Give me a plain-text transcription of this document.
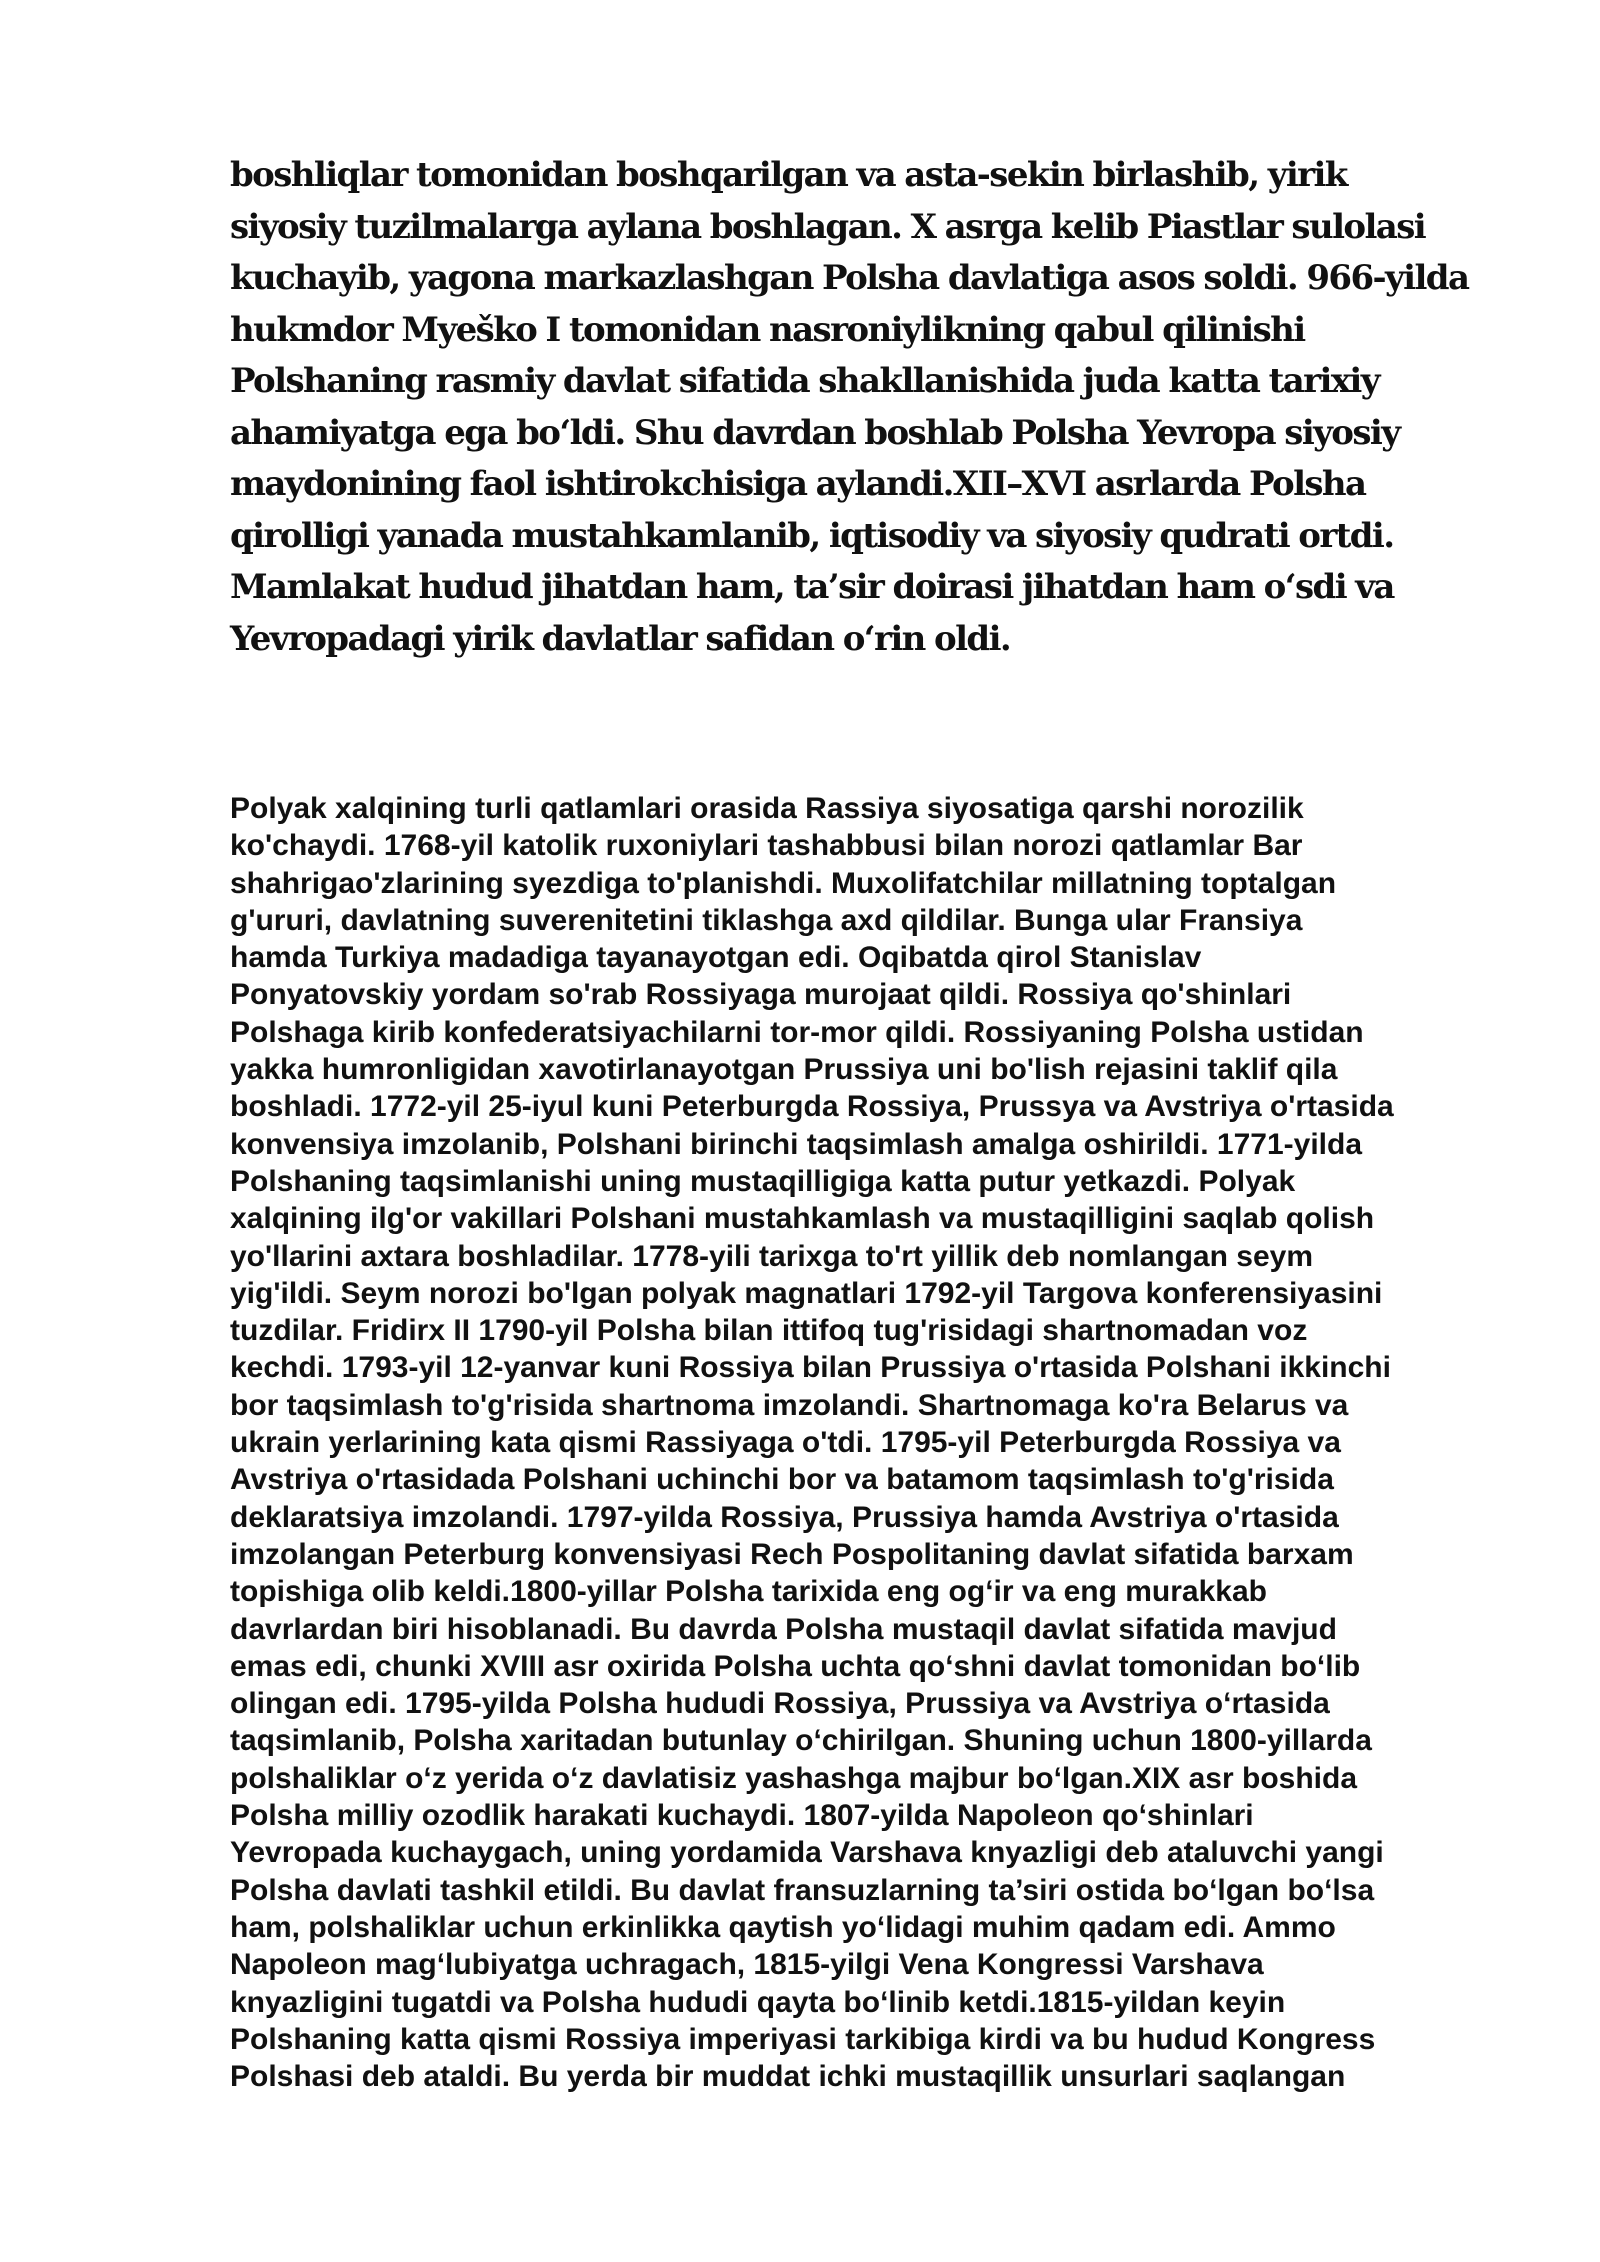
boshliqlar tomonidan boshqarilgan va asta-sekin birlashib, yirik
siyosiy tuzilmalarga aylana boshlagan. X asrga kelib Piastlar sulolasi
kuchayib, yagona markazlashgan Polsha davlatiga asos soldi. 966-yilda
hukmdor Myeško I tomonidan nasroniylikning qabul qilinishi
Polshaning rasmiy davlat sifatida shakllanishida juda katta tarixiy
ahamiyatga ega bo‘ldi. Shu davrdan boshlab Polsha Yevropa siyosiy
maydonining faol ishtirokchisiga aylandi.XII–XVI asrlarda Polsha
qirolligi yanada mustahkamlanib, iqtisodiy va siyosiy qudrati ortdi.
Mamlakat hudud jihatdan ham, ta’sir doirasi jihatdan ham o‘sdi va
Yevropadagi yirik davlatlar safidan o‘rin oldi.

Polyak xalqining turli qatlamlari orasida Rassiya siyosatiga qarshi norozilik
ko'chaydi. 1768-yil katolik ruxoniylari tashabbusi bilan norozi qatlamlar Bar
shahrigao'zlarining syezdiga to'planishdi. Muxolifatchilar millatning toptalgan
g'ururi, davlatning suverenitetini tiklashga axd qildilar. Bunga ular Fransiya
hamda Turkiya madadiga tayanayotgan edi. Oqibatda qirol Stanislav
Ponyatovskiy yordam so'rab Rossiyaga murojaat qildi. Rossiya qo'shinlari
Polshaga kirib konfederatsiyachilarni tor-mor qildi. Rossiyaning Polsha ustidan
yakka humronligidan xavotirlanayotgan Prussiya uni bo'lish rejasini taklif qila
boshladi. 1772-yil 25-iyul kuni Peterburgda Rossiya, Prussya va Avstriya o'rtasida
konvensiya imzolanib, Polshani birinchi taqsimlash amalga oshirildi. 1771-yilda
Polshaning taqsimlanishi uning mustaqilligiga katta putur yetkazdi. Polyak
xalqining ilg'or vakillari Polshani mustahkamlash va mustaqilligini saqlab qolish
yo'llarini axtara boshladilar. 1778-yili tarixga to'rt yillik deb nomlangan seym
yig'ildi. Seym norozi bo'lgan polyak magnatlari 1792-yil Targova konferensiyasini
tuzdilar. Fridirx II 1790-yil Polsha bilan ittifoq tug'risidagi shartnomadan voz
kechdi. 1793-yil 12-yanvar kuni Rossiya bilan Prussiya o'rtasida Polshani ikkinchi
bor taqsimlash to'g'risida shartnoma imzolandi. Shartnomaga ko'ra Belarus va
ukrain yerlarining kata qismi Rassiyaga o'tdi. 1795-yil Peterburgda Rossiya va
Avstriya o'rtasidada Polshani uchinchi bor va batamom taqsimlash to'g'risida
deklaratsiya imzolandi. 1797-yilda Rossiya, Prussiya hamda Avstriya o'rtasida
imzolangan Peterburg konvensiyasi Rech Pospolitaning davlat sifatida barxam
topishiga olib keldi.1800-yillar Polsha tarixida eng og‘ir va eng murakkab
davrlardan biri hisoblanadi. Bu davrda Polsha mustaqil davlat sifatida mavjud
emas edi, chunki XVIII asr oxirida Polsha uchta qo‘shni davlat tomonidan bo‘lib
olingan edi. 1795-yilda Polsha hududi Rossiya, Prussiya va Avstriya o‘rtasida
taqsimlanib, Polsha xaritadan butunlay o‘chirilgan. Shuning uchun 1800-yillarda
polshaliklar o‘z yerida o‘z davlatisiz yashashga majbur bo‘lgan.XIX asr boshida
Polsha milliy ozodlik harakati kuchaydi. 1807-yilda Napoleon qo‘shinlari
Yevropada kuchaygach, uning yordamida Varshava knyazligi deb ataluvchi yangi
Polsha davlati tashkil etildi. Bu davlat fransuzlarning ta’siri ostida bo‘lgan bo‘lsa
ham, polshaliklar uchun erkinlikka qaytish yo‘lidagi muhim qadam edi. Ammo
Napoleon mag‘lubiyatga uchragach, 1815-yilgi Vena Kongressi Varshava
knyazligini tugatdi va Polsha hududi qayta bo‘linib ketdi.1815-yildan keyin
Polshaning katta qismi Rossiya imperiyasi tarkibiga kirdi va bu hudud Kongress
Polshasi deb ataldi. Bu yerda bir muddat ichki mustaqillik unsurlari saqlangan
